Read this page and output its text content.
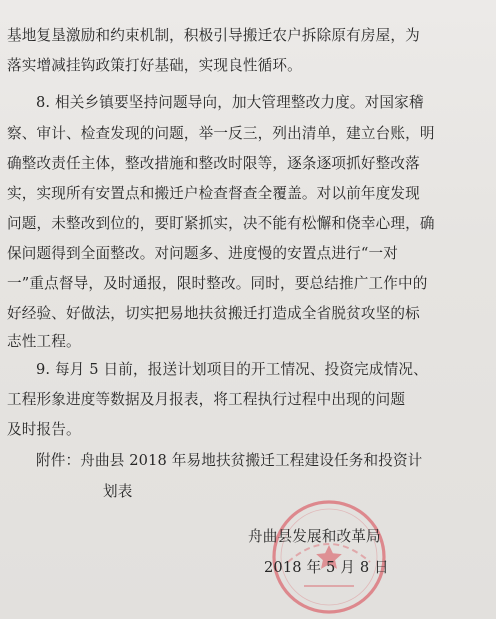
基地复垦激励和约束机制，积极引导搬迁农户拆除原有房屋，为
落实增减挂钩政策打好基础，实现良性循环。
8. 相关乡镇要坚持问题导向，加大管理整改力度。对国家稽
察、审计、检查发现的问题，举一反三，列出清单，建立台账，明
确整改责任主体，整改措施和整改时限等，逐条逐项抓好整改落
实，实现所有安置点和搬迁户检查督查全覆盖。对以前年度发现
问题，未整改到位的，要盯紧抓实，决不能有松懈和侥幸心理，确
保问题得到全面整改。对问题多、进度慢的安置点进行“一对
一”重点督导，及时通报，限时整改。同时，要总结推广工作中的
好经验、好做法，切实把易地扶贫搬迁打造成全省脱贫攻坚的标
志性工程。
9. 每月 5 日前，报送计划项目的开工情况、投资完成情况、
工程形象进度等数据及月报表，将工程执行过程中出现的问题
及时报告。
附件：舟曲县 2018 年易地扶贫搬迁工程建设任务和投资计
划表
舟曲县发展和改革局
2018 年 5 月 8 日
